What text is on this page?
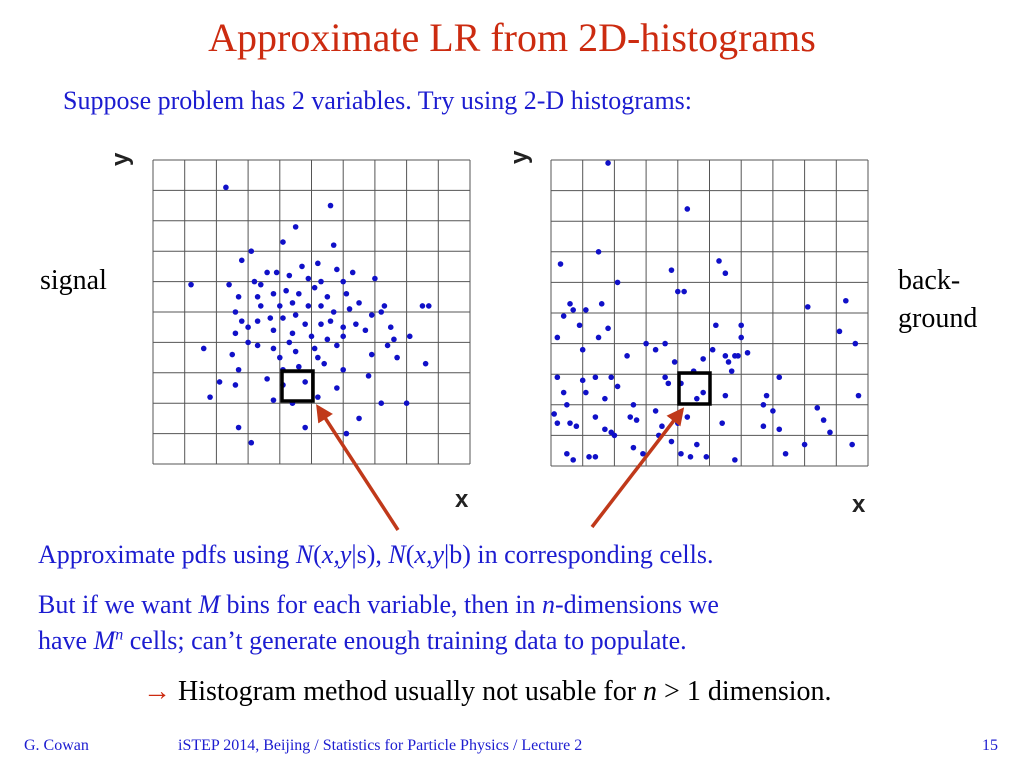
Approximate LR from 2D-histograms
Suppose problem has 2 variables. Try using 2-D histograms:
signal	back-
ground
y
x
y
x
Approximate pdfs using N(x,y|s), N(x,y|b) in corresponding cells.
But if we want M bins for each variable, then in n-dimensions we
have $M^n$ cells; can’t generate enough training data to populate.
→ Histogram method usually not usable for n > 1 dimension.
G. Cowan	iSTEP 2014, Beijing / Statistics for Particle Physics / Lecture 2	15
